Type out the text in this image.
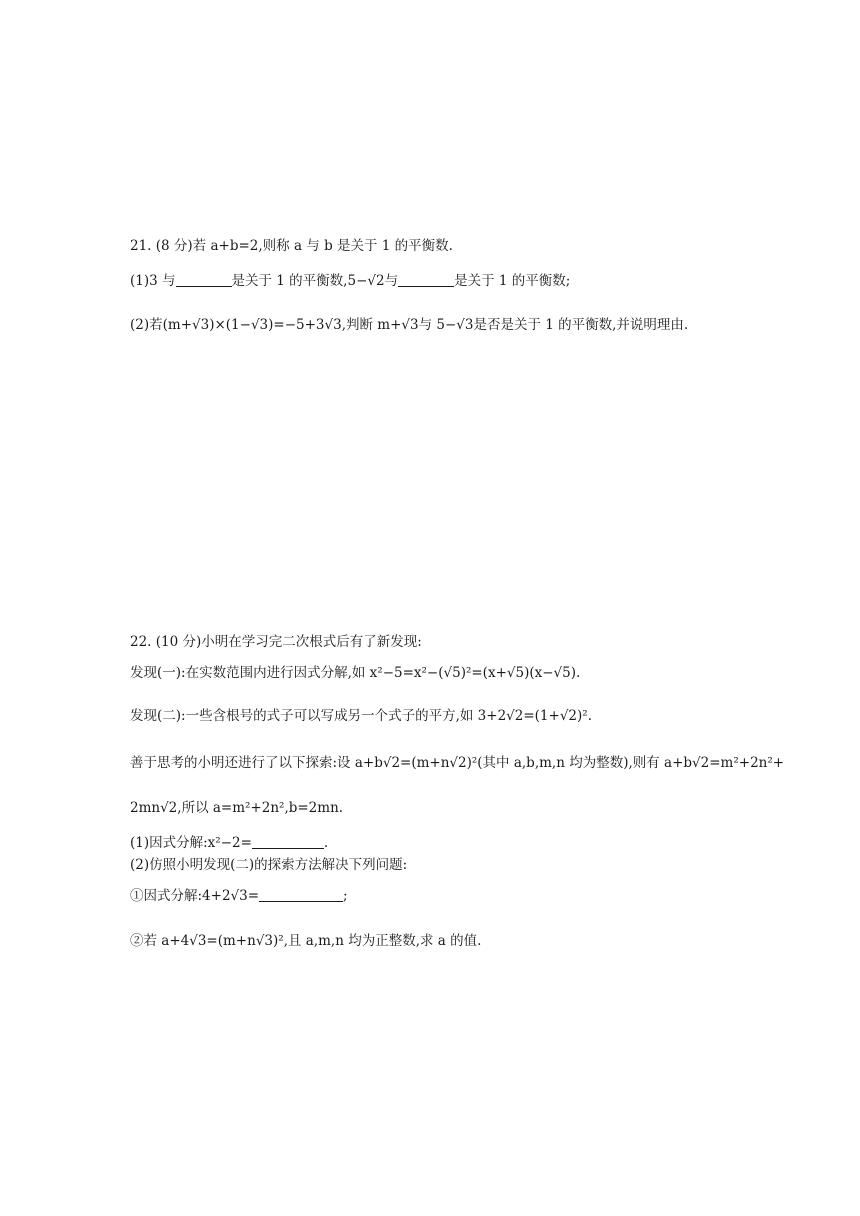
21. (8 分)若 a+b=2,则称 a 与 b 是关于 1 的平衡数.
(1)3 与	是关于 1 的平衡数,5−√2与	是关于 1 的平衡数;
(2)若(m+√3)×(1−√3)=−5+3√3,判断 m+√3与 5−√3是否是关于 1 的平衡数,并说明理由.
22. (10 分)小明在学习完二次根式后有了新发现:
发现(一):在实数范围内进行因式分解,如 x²−5=x²−(√5)²=(x+√5)(x−√5).
发现(二):一些含根号的式子可以写成另一个式子的平方,如 3+2√2=(1+√2)².
善于思考的小明还进行了以下探索:设 a+b√2=(m+n√2)²(其中 a,b,m,n 均为整数),则有 a+b√2=m²+2n²+
2mn√2,所以 a=m²+2n²,b=2mn.
(1)因式分解:x²−2=	.
(2)仿照小明发现(二)的探索方法解决下列问题:
①因式分解:4+2√3=	;
②若 a+4√3=(m+n√3)²,且 a,m,n 均为正整数,求 a 的值.
